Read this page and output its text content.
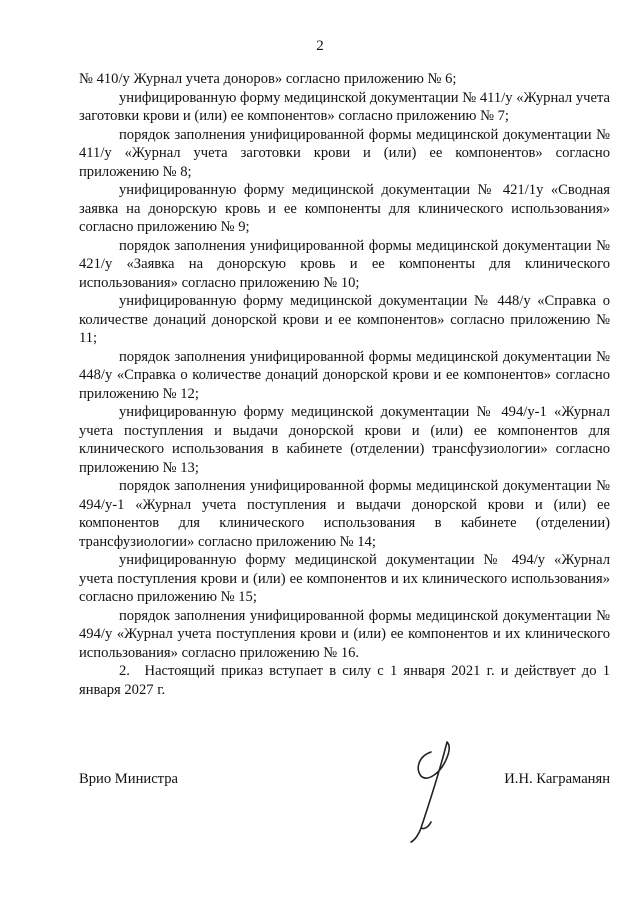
2

№ 410/у Журнал учета доноров» согласно приложению № 6;

унифицированную форму медицинской документации № 411/у «Журнал учета заготовки крови и (или) ее компонентов» согласно приложению № 7;

порядок заполнения унифицированной формы медицинской документации № 411/у «Журнал учета заготовки крови и (или) ее компонентов» согласно приложению № 8;

унифицированную форму медицинской документации № 421/1у «Сводная заявка на донорскую кровь и ее компоненты для клинического использования» согласно приложению № 9;

порядок заполнения унифицированной формы медицинской документации № 421/у «Заявка на донорскую кровь и ее компоненты для клинического использования» согласно приложению № 10;

унифицированную форму медицинской документации № 448/у «Справка о количестве донаций донорской крови и ее компонентов» согласно приложению № 11;

порядок заполнения унифицированной формы медицинской документации № 448/у «Справка о количестве донаций донорской крови и ее компонентов» согласно приложению № 12;

унифицированную форму медицинской документации № 494/у-1 «Журнал учета поступления и выдачи донорской крови и (или) ее компонентов для клинического использования в кабинете (отделении) трансфузиологии» согласно приложению № 13;

порядок заполнения унифицированной формы медицинской документации № 494/у-1 «Журнал учета поступления и выдачи донорской крови и (или) ее компонентов для клинического использования в кабинете (отделении) трансфузиологии» согласно приложению № 14;

унифицированную форму медицинской документации № 494/у «Журнал учета поступления крови и (или) ее компонентов и их клинического использования» согласно приложению № 15;

порядок заполнения унифицированной формы медицинской документации № 494/у «Журнал учета поступления крови и (или) ее компонентов и их клинического использования» согласно приложению № 16.

2. Настоящий приказ вступает в силу с 1 января 2021 г. и действует до 1 января 2027 г.

Врио Министра	И.Н. Каграманян
